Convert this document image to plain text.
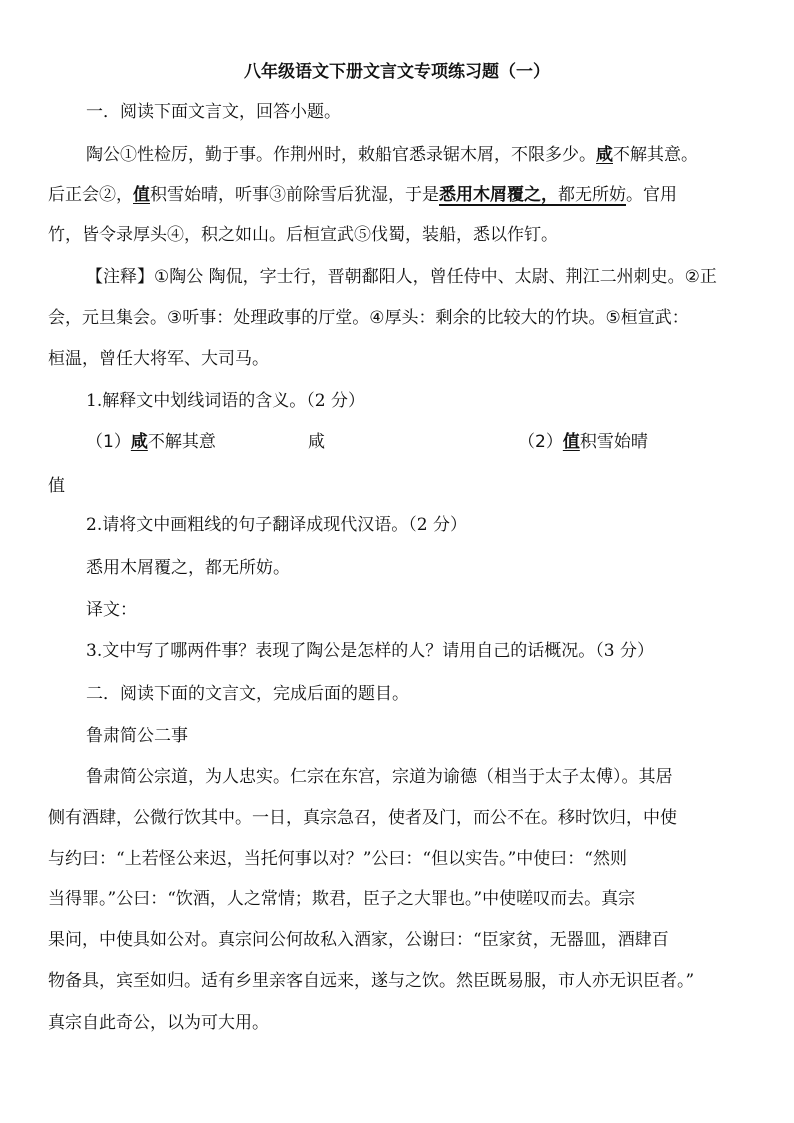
八年级语文下册文言文专项练习题（一）
一．阅读下面文言文，回答小题。
陶公①性检厉，勤于事。作荆州时，敕船官悉录锯木屑，不限多少。咸不解其意。
后正会②，值积雪始晴，听事③前除雪后犹湿，于是悉用木屑覆之，都无所妨。官用
竹，皆令录厚头④，积之如山。后桓宣武⑤伐蜀，装船，悉以作钉。
【注释】①陶公 陶侃，字士行，晋朝鄱阳人，曾任侍中、太尉、荆江二州刺史。②正
会，元旦集会。③听事：处理政事的厅堂。④厚头：剩余的比较大的竹块。⑤桓宣武：
桓温，曾任大将军、大司马。
1.解释文中划线词语的含义。（2 分）
（1）咸不解其意	咸	（2）值积雪始晴
值
2.请将文中画粗线的句子翻译成现代汉语。（2 分）
悉用木屑覆之，都无所妨。
译文：
3.文中写了哪两件事？表现了陶公是怎样的人？请用自己的话概况。（3 分）
二．阅读下面的文言文，完成后面的题目。
鲁肃简公二事
鲁肃简公宗道，为人忠实。仁宗在东宫，宗道为谕德（相当于太子太傅）。其居
侧有酒肆，公微行饮其中。一日，真宗急召，使者及门，而公不在。移时饮归，中使
与约曰：“上若怪公来迟，当托何事以对？”公曰：“但以实告。”中使曰：“然则
当得罪。”公曰：“饮酒，人之常情；欺君，臣子之大罪也。”中使嗟叹而去。真宗
果问，中使具如公对。真宗问公何故私入酒家，公谢曰：“臣家贫，无器皿，酒肆百
物备具，宾至如归。适有乡里亲客自远来，遂与之饮。然臣既易服，市人亦无识臣者。”
真宗自此奇公，以为可大用。
